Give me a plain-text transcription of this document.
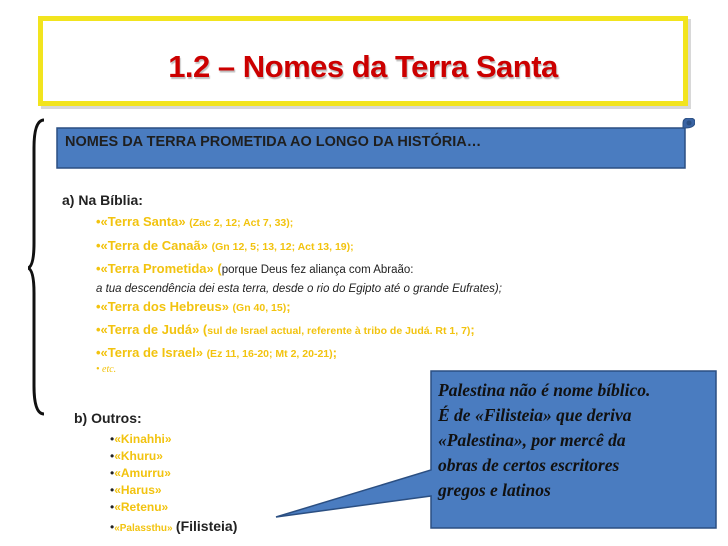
1.2 – Nomes da Terra Santa
NOMES DA TERRA PROMETIDA AO LONGO DA HISTÓRIA…
a) Na Bíblia:
•«Terra Santa» (Zac 2, 12; Act 7, 33);
•«Terra de Canaã» (Gn 12, 5; 13, 12; Act 13, 19);
•«Terra Prometida» (porque Deus fez aliança com Abraão:
a tua descendência dei esta terra, desde o rio do Egipto até o grande Eufrates);
•«Terra dos Hebreus» (Gn 40, 15);
•«Terra de Judá» (sul de Israel actual, referente à tribo de Judá. Rt 1, 7);
•«Terra de Israel» (Ez 11, 16-20; Mt 2, 20-21);
• etc.
b) Outros:
•«Kinahhi»
•«Khuru»
•«Amurru»
•«Harus»
•«Retenu»
•«Palassthu» (Filisteia)
Palestina não é nome bíblico.
É de «Filisteia» que deriva
«Palestina», por mercê da
obras de certos escritores
gregos e latinos
